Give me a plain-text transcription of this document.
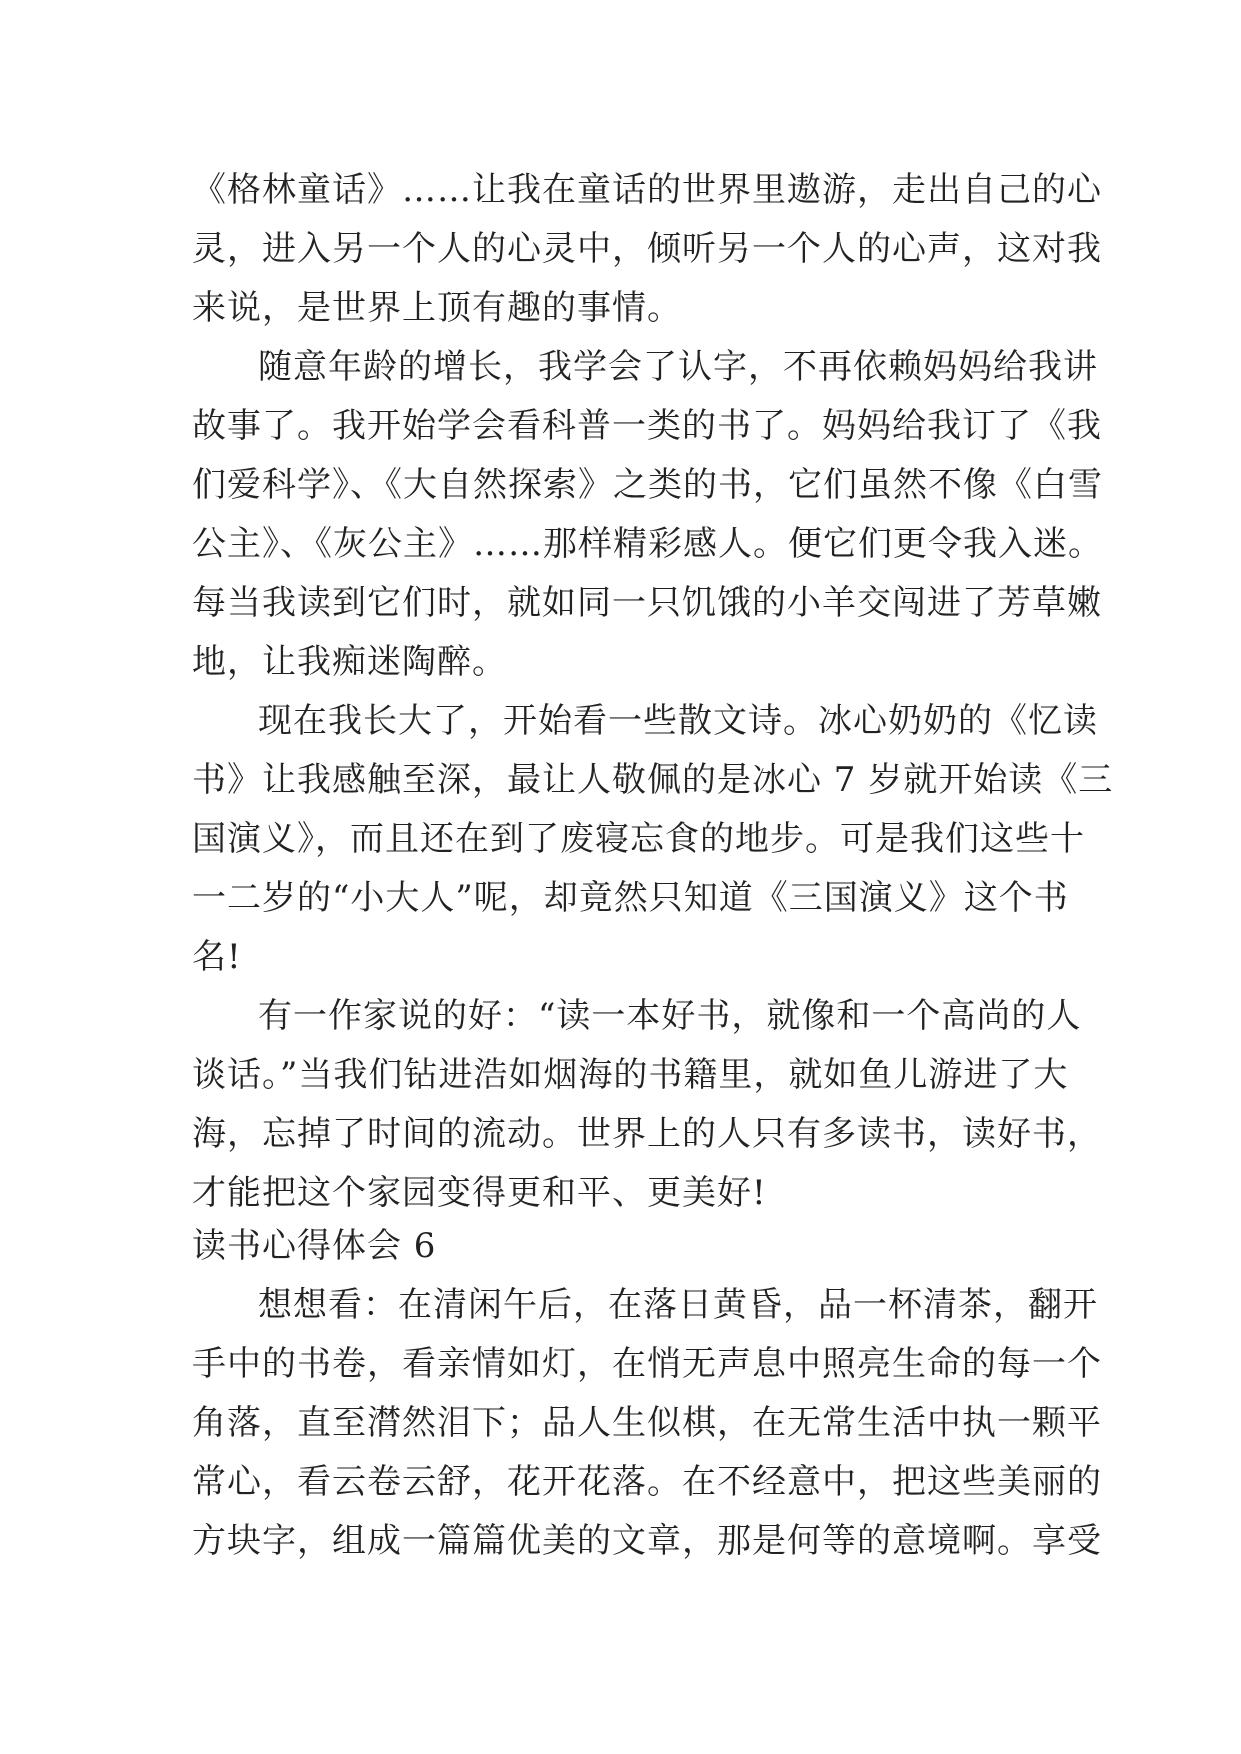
《格林童话》……让我在童话的世界里遨游，走出自己的心
灵，进入另一个人的心灵中，倾听另一个人的心声，这对我
来说，是世界上顶有趣的事情。
随意年龄的增长，我学会了认字，不再依赖妈妈给我讲
故事了。我开始学会看科普一类的书了。妈妈给我订了《我
们爱科学》、《大自然探索》之类的书，它们虽然不像《白雪
公主》、《灰公主》……那样精彩感人。便它们更令我入迷。
每当我读到它们时，就如同一只饥饿的小羊交闯进了芳草嫩
地，让我痴迷陶醉。
现在我长大了，开始看一些散文诗。冰心奶奶的《忆读
书》让我感触至深，最让人敬佩的是冰心 7 岁就开始读《三
国演义》，而且还在到了废寝忘食的地步。可是我们这些十
一二岁的“小大人”呢，却竟然只知道《三国演义》这个书
名!
有一作家说的好：“读一本好书，就像和一个高尚的人
谈话。”当我们钻进浩如烟海的书籍里，就如鱼儿游进了大
海，忘掉了时间的流动。世界上的人只有多读书，读好书，
才能把这个家园变得更和平、更美好!
读书心得体会 6
想想看：在清闲午后，在落日黄昏，品一杯清茶，翻开
手中的书卷，看亲情如灯，在悄无声息中照亮生命的每一个
角落，直至潸然泪下；品人生似棋，在无常生活中执一颗平
常心，看云卷云舒，花开花落。在不经意中，把这些美丽的
方块字，组成一篇篇优美的文章，那是何等的意境啊。享受
